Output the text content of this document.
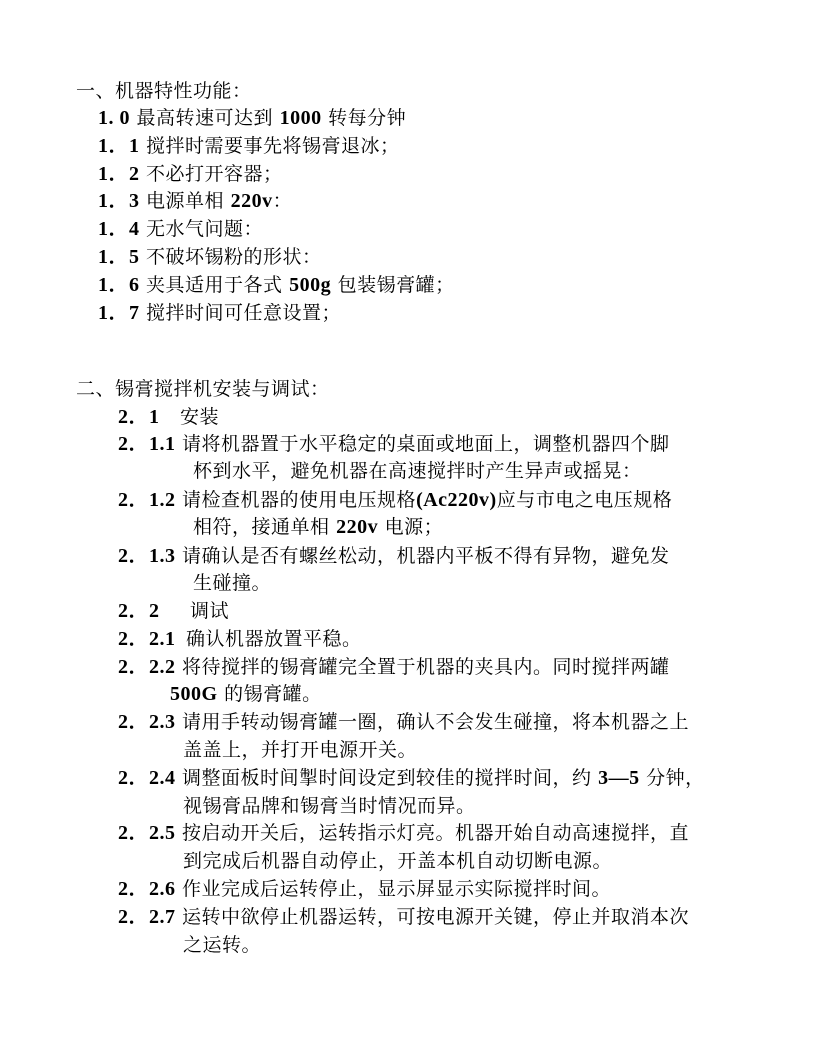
一、机器特性功能：
1. 0 最高转速可达到 1000 转每分钟
1．1 搅拌时需要事先将锡膏退冰；
1．2 不必打开容器；
1．3 电源单相 220v：
1．4 无水气问题：
1．5 不破坏锡粉的形状：
1．6 夹具适用于各式 500g 包装锡膏罐；
1．7 搅拌时间可任意设置；
二、锡膏搅拌机安装与调试：
2．1 安装
2．1.1 请将机器置于水平稳定的桌面或地面上，调整机器四个脚
杯到水平，避免机器在高速搅拌时产生异声或摇晃：
2．1.2 请检查机器的使用电压规格(Ac220v)应与市电之电压规格
相符，接通单相 220v 电源；
2．1.3 请确认是否有螺丝松动，机器内平板不得有异物，避免发
生碰撞。
2．2 调试
2．2.1 确认机器放置平稳。
2．2.2 将待搅拌的锡膏罐完全置于机器的夹具内。同时搅拌两罐
500G 的锡膏罐。
2．2.3 请用手转动锡膏罐一圈，确认不会发生碰撞，将本机器之上
盖盖上，并打开电源开关。
2．2.4 调整面板时间掣时间设定到较佳的搅拌时间，约 3—5 分钟，
视锡膏品牌和锡膏当时情况而异。
2．2.5 按启动开关后，运转指示灯亮。机器开始自动高速搅拌，直
到完成后机器自动停止，开盖本机自动切断电源。
2．2.6 作业完成后运转停止，显示屏显示实际搅拌时间。
2．2.7 运转中欲停止机器运转，可按电源开关键，停止并取消本次
之运转。
